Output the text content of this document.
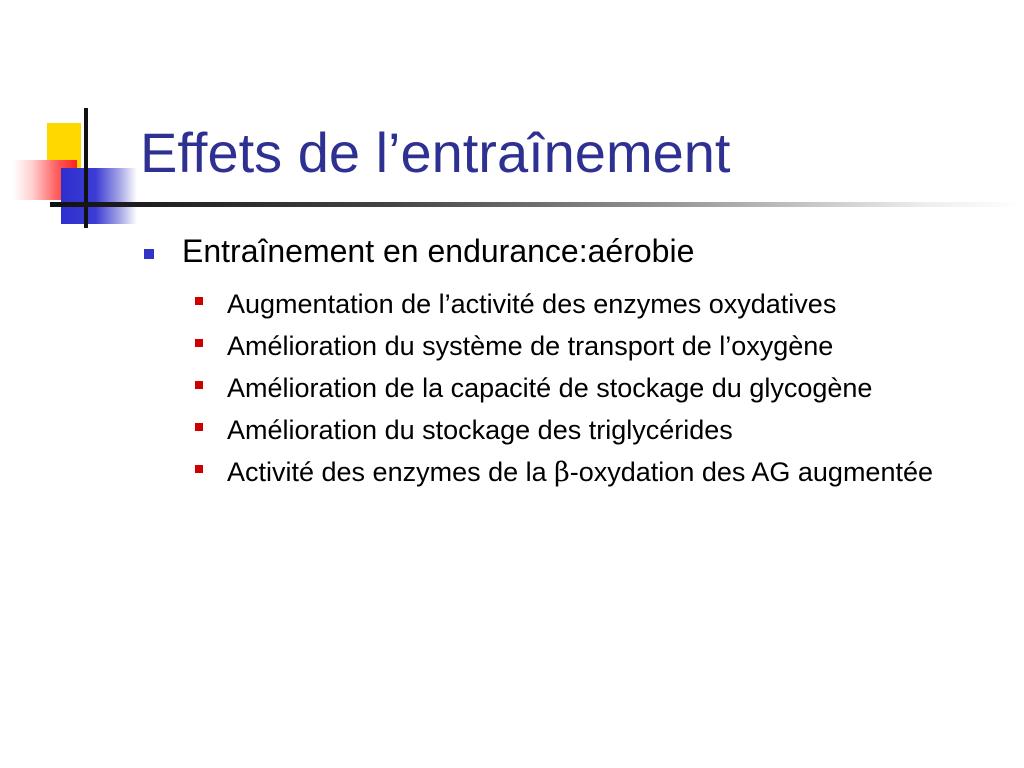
Effets de l’entraînement
Entraînement en endurance:aérobie
Augmentation de l’activité des enzymes oxydatives
Amélioration du système de transport de l’oxygène
Amélioration de la capacité de stockage du glycogène
Amélioration du stockage des triglycérides
Activité des enzymes de la β-oxydation des AG augmentée
